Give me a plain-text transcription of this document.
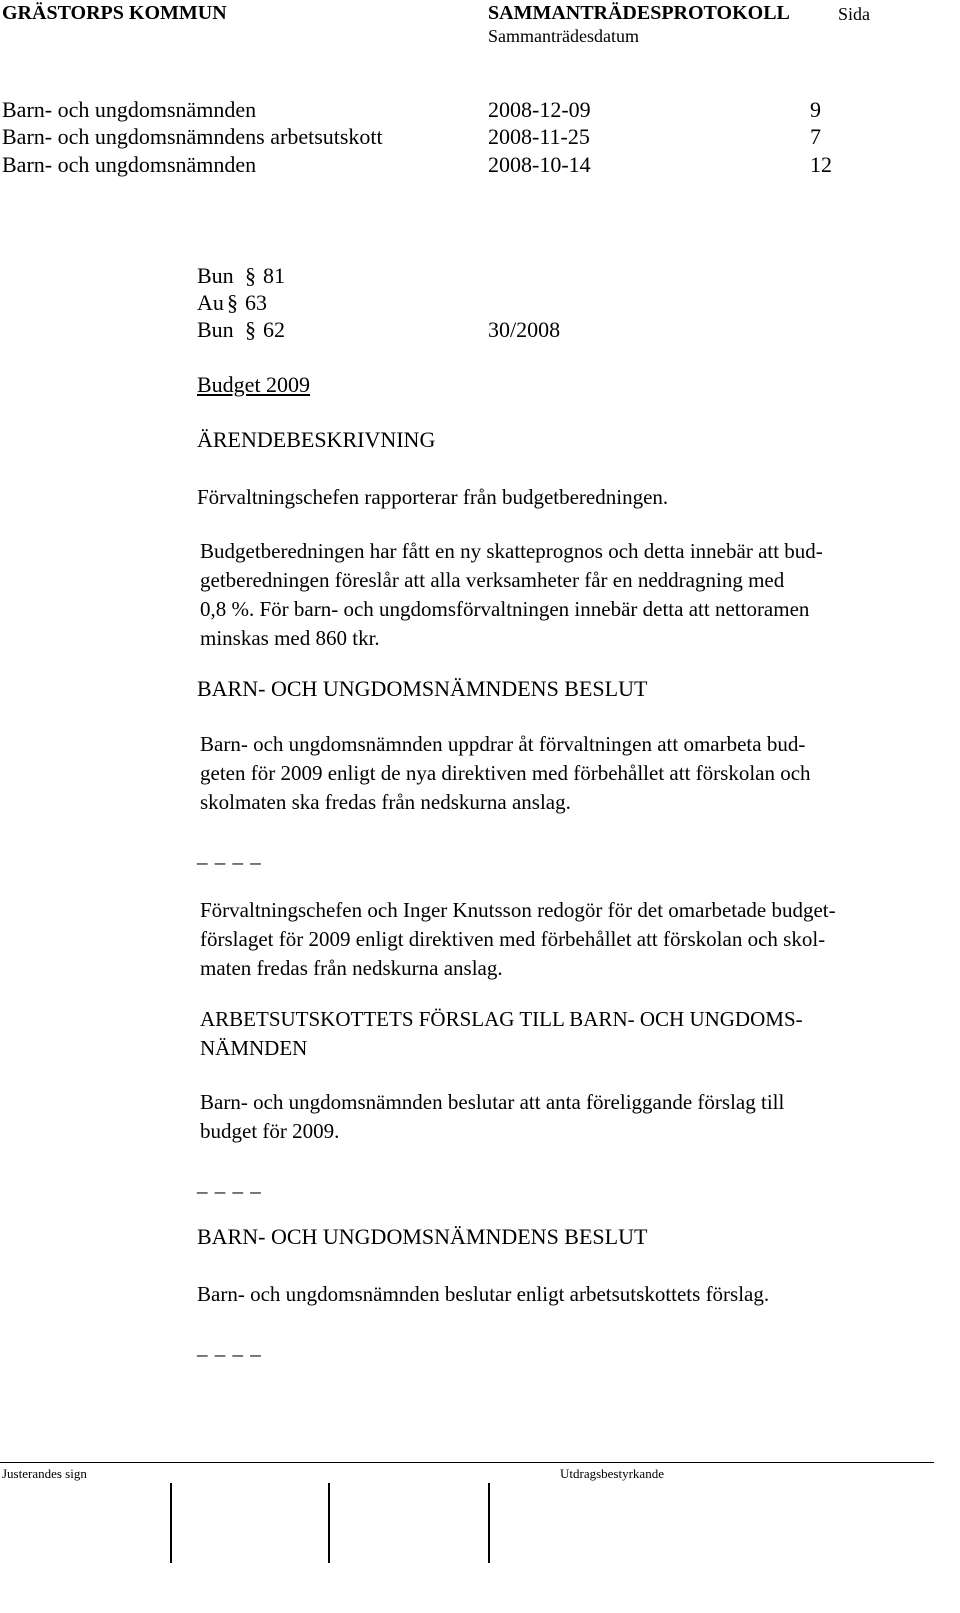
GRÄSTORPS KOMMUN	SAMMANTRÄDESPROTOKOLL	Sida
Sammanträdesdatum
Barn- och ungdomsnämnden	2008-12-09	9
Barn- och ungdomsnämndens arbetsutskott	2008-11-25	7
Barn- och ungdomsnämnden	2008-10-14	12
Bun § 81
Au § 63
Bun § 62	30/2008
Budget 2009
ÄRENDEBESKRIVNING
Förvaltningschefen rapporterar från budgetberedningen.
Budgetberedningen har fått en ny skatteprognos och detta innebär att bud-
getberedningen föreslår att alla verksamheter får en neddragning med
0,8 %. För barn- och ungdomsförvaltningen innebär detta att nettoramen
minskas med 860 tkr.
BARN- OCH UNGDOMSNÄMNDENS BESLUT
Barn- och ungdomsnämnden uppdrar åt förvaltningen att omarbeta bud-
geten för 2009 enligt de nya direktiven med förbehållet att förskolan och
skolmaten ska fredas från nedskurna anslag.
_ _ _ _
Förvaltningschefen och Inger Knutsson redogör för det omarbetade budget-
förslaget för 2009 enligt direktiven med förbehållet att förskolan och skol-
maten fredas från nedskurna anslag.
ARBETSUTSKOTTETS FÖRSLAG TILL BARN- OCH UNGDOMS-
NÄMNDEN
Barn- och ungdomsnämnden beslutar att anta föreliggande förslag till
budget för 2009.
_ _ _ _
BARN- OCH UNGDOMSNÄMNDENS BESLUT
Barn- och ungdomsnämnden beslutar enligt arbetsutskottets förslag.
_ _ _ _
Justerandes sign	Utdragsbestyrkande
